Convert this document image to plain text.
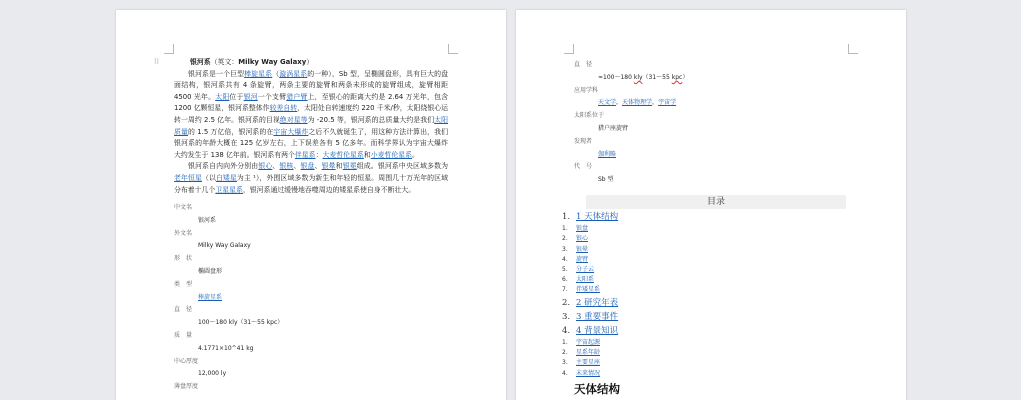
⁝⁝	银河系（英文：Milky Way Galaxy）

银河系是一个巨型棒旋星系（漩涡星系的一种），Sb 型，呈椭圆盘形，具有巨大的盘面结构，银河系共有 4 条旋臂，两条主要的旋臂和两条未形成的旋臂组成，旋臂相距 4500 光年。太阳位于银河一个支臂猎户臂上，至银心的距离大约是 2.64 万光年，包含 1200 亿颗恒星，银河系整体作较差自转，太阳处自转速度约 220 千米/秒，太阳绕银心运转一周约 2.5 亿年。银河系的目视绝对星等为 -20.5 等，银河系的总质量大约是我们太阳质量的 1.5 万亿倍，银河系的在宇宙大爆炸之后不久就诞生了，用这种方法计算出，我们银河系的年龄大概在 125 亿岁左右，上下误差各有 5 亿多年。而科学界认为宇宙大爆炸大约发生于 138 亿年前。银河系有两个伴星系：大麦哲伦星系和小麦哲伦星系。

银河系自内向外分别由银心、银核、银盘、银晕和银冕组成。银河系中央区域多数为老年恒星（以白矮星为主 ¹），外围区域多数为新生和年轻的恒星。周围几十万光年的区域分布着十几个卫星星系，银河系通过缓慢地吞噬周边的矮星系使自身不断壮大。

中文名
银河系
外文名
Milky Way Galaxy
形　状
椭圆盘形
类　型
棒旋星系
直　径
100～180 kly（31～55 kpc）
质　量
4.1771×10^41 kg
中心厚度
12,000 ly
薄盘厚度
直　径
≈100～180 kly（31～55 kpc）
应用学科
天文学，天体物理学，宇宙学
太阳系位于
猎户座旋臂
发现者
伽利略
代　号
Sb 型
目录
1. 1 天体结构
1.	银盘
2.	银心
3.	银晕
4.	旋臂
5.	分子云
6.	太阳系
7.	伴矮星系
2. 2 研究年表
3. 3 重要事件
4. 4 背景知识
1.	宇宙起源
2.	星系年龄
3.	主要星座
4.	未来情况
天体结构
